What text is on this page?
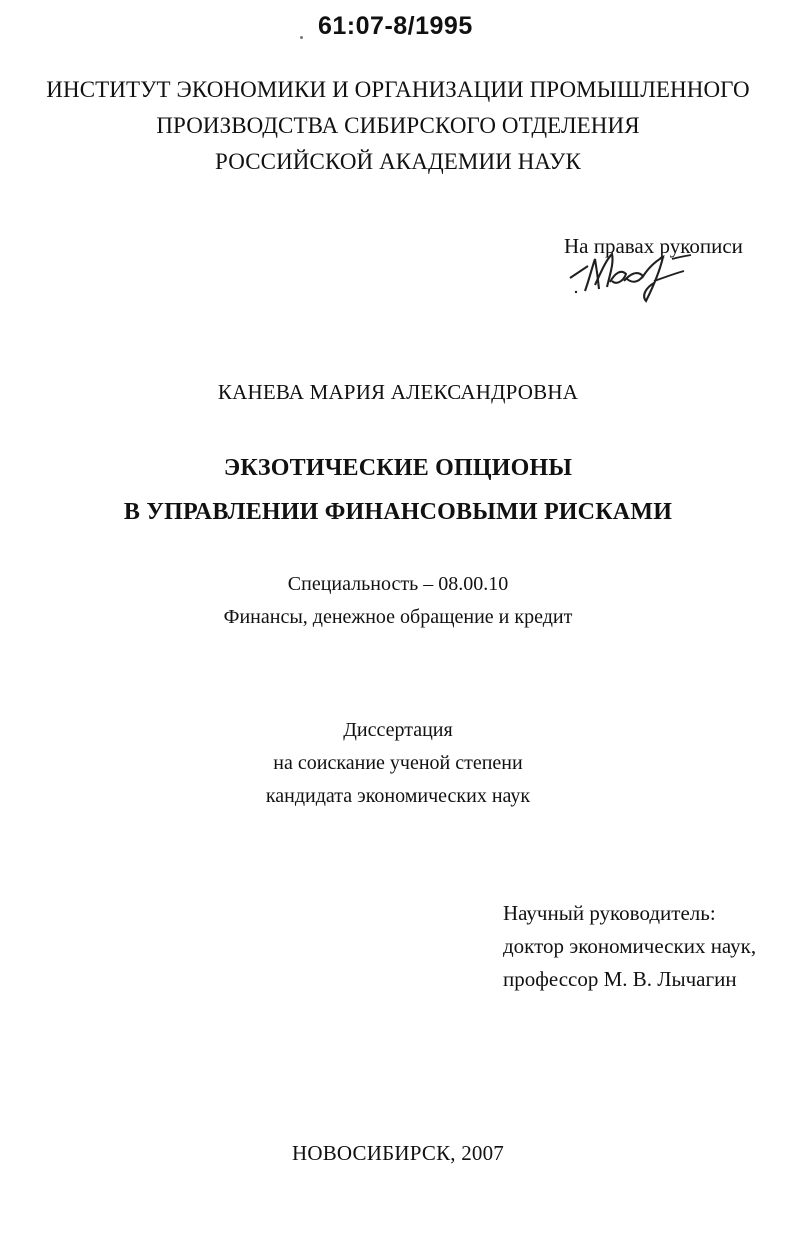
61:07-8/1995
ИНСТИТУТ ЭКОНОМИКИ И ОРГАНИЗАЦИИ ПРОМЫШЛЕННОГО
ПРОИЗВОДСТВА СИБИРСКОГО ОТДЕЛЕНИЯ
РОССИЙСКОЙ АКАДЕМИИ НАУК
На правах рукописи
КАНЕВА МАРИЯ АЛЕКСАНДРОВНА
ЭКЗОТИЧЕСКИЕ ОПЦИОНЫ
В УПРАВЛЕНИИ ФИНАНСОВЫМИ РИСКАМИ
Специальность – 08.00.10
Финансы, денежное обращение и кредит
Диссертация
на соискание ученой степени
кандидата экономических наук
Научный руководитель:
доктор экономических наук,
профессор М. В. Лычагин
НОВОСИБИРСК, 2007
